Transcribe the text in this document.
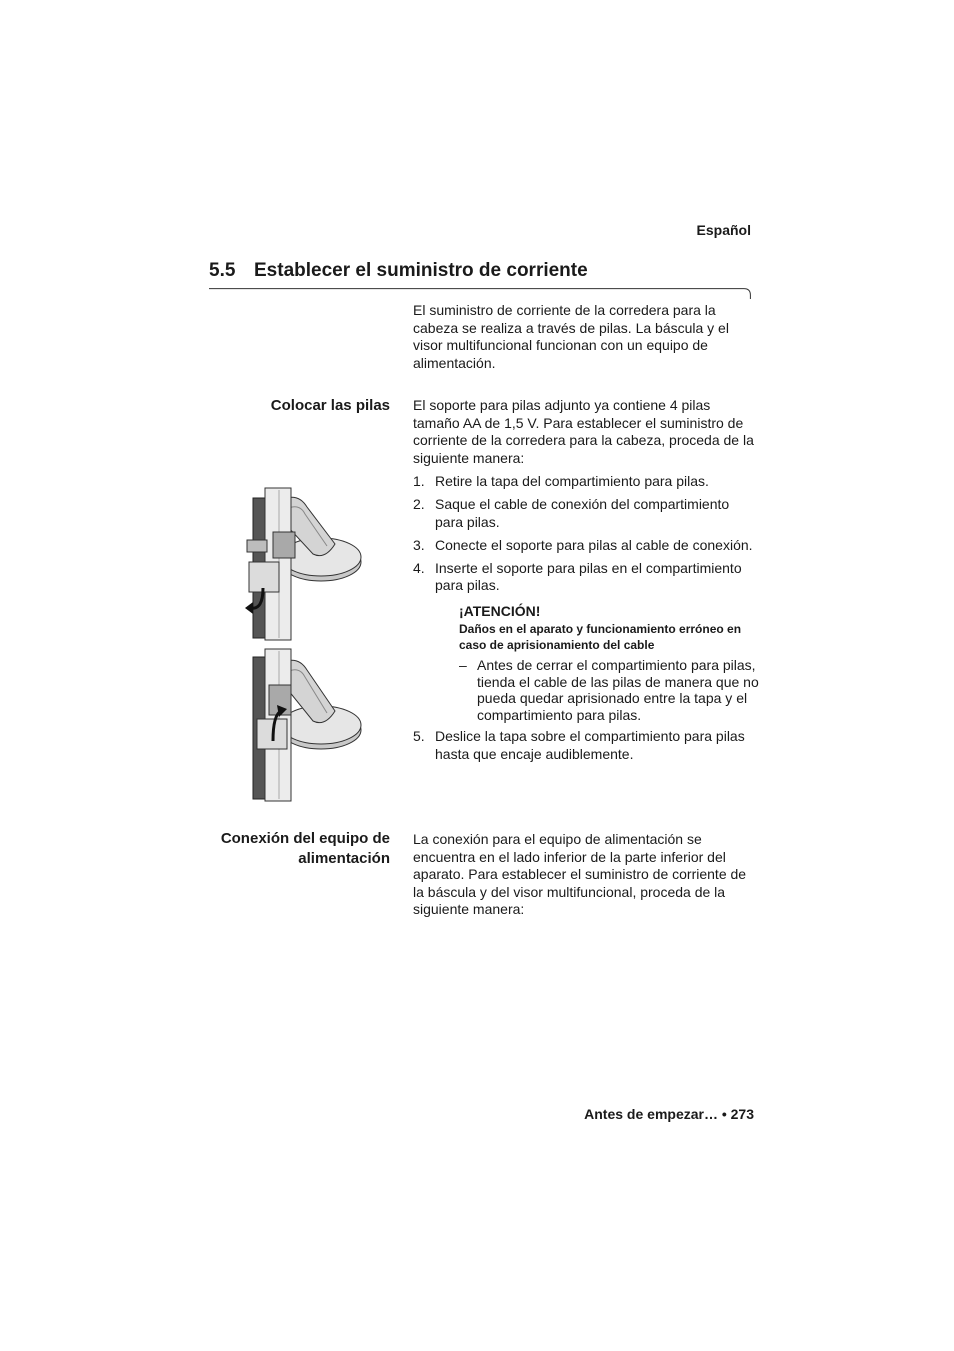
Español
5.5 Establecer el suministro de corriente
El suministro de corriente de la corredera para la cabeza se realiza a través de pilas. La báscula y el visor multifuncional funcionan con un equipo de alimentación.
Colocar las pilas El soporte para pilas adjunto ya contiene 4 pilas tamaño AA de 1,5 V. Para establecer el suministro de corriente de la corredera para la cabeza, proceda de la siguiente manera:
1. Retire la tapa del compartimiento para pilas.
2. Saque el cable de conexión del compartimiento para pilas.
3. Conecte el soporte para pilas al cable de conexión.
4. Inserte el soporte para pilas en el compartimiento para pilas.
¡ATENCIÓN!
Daños en el aparato y funcionamiento erróneo en caso de aprisionamiento del cable
– Antes de cerrar el compartimiento para pilas, tienda el cable de las pilas de manera que no pueda quedar aprisionado entre la tapa y el compartimiento para pilas.
5. Deslice la tapa sobre el compartimiento para pilas hasta que encaje audiblemente.
Conexión del equipo de alimentación
La conexión para el equipo de alimentación se encuentra en el lado inferior de la parte inferior del aparato. Para establecer el suministro de corriente de la báscula y del visor multifuncional, proceda de la siguiente manera:
Antes de empezar… • 273
